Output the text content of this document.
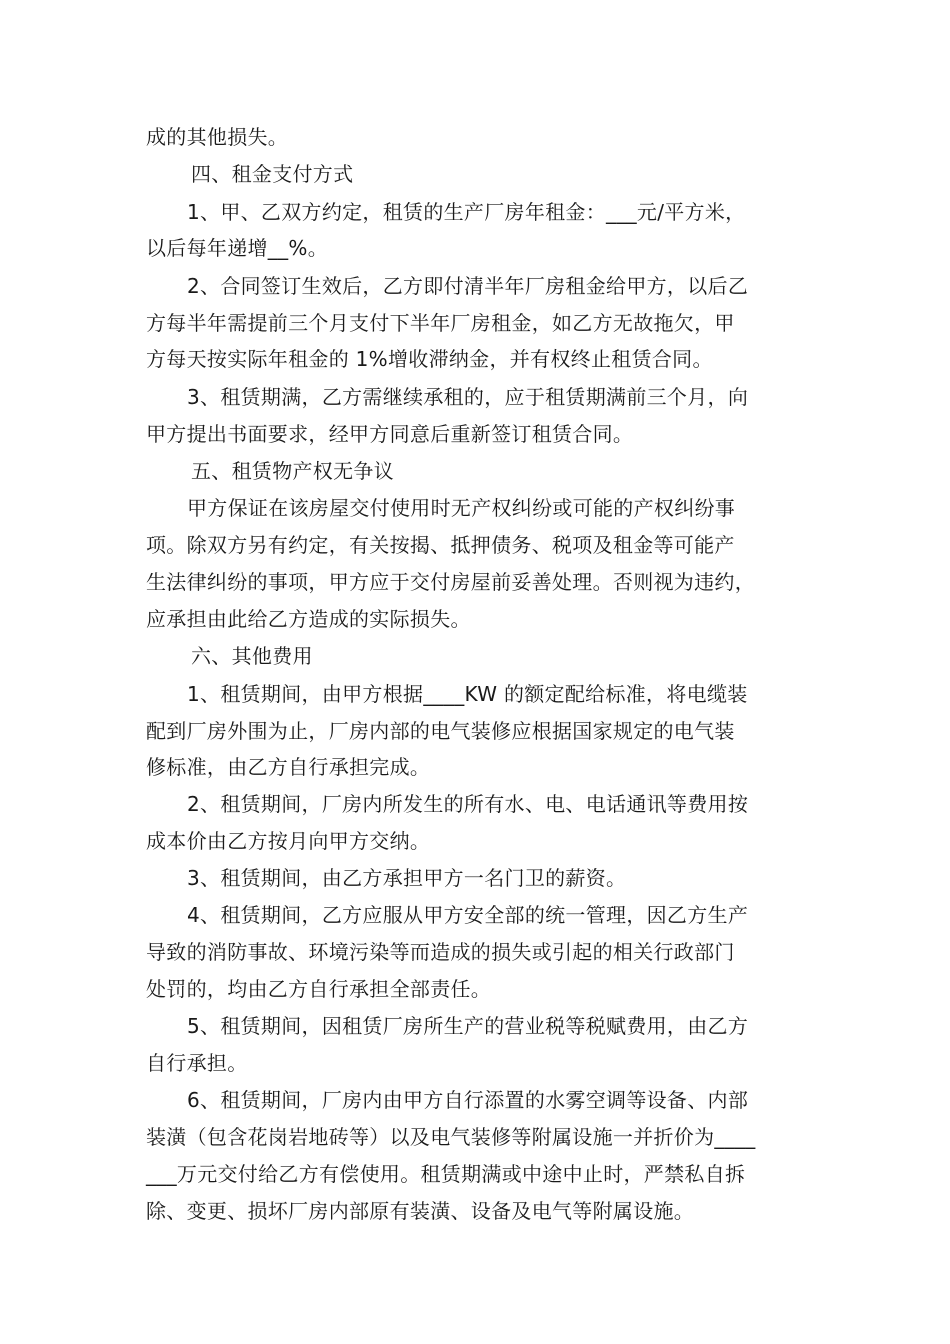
成的其他损失。
四、租金支付方式
1、甲、乙双方约定，租赁的生产厂房年租金：___元/平方米，
以后每年递增__%。
2、合同签订生效后，乙方即付清半年厂房租金给甲方，以后乙
方每半年需提前三个月支付下半年厂房租金，如乙方无故拖欠，甲
方每天按实际年租金的 1%增收滞纳金，并有权终止租赁合同。
3、租赁期满，乙方需继续承租的，应于租赁期满前三个月，向
甲方提出书面要求，经甲方同意后重新签订租赁合同。
五、租赁物产权无争议
甲方保证在该房屋交付使用时无产权纠纷或可能的产权纠纷事
项。除双方另有约定，有关按揭、抵押债务、税项及租金等可能产
生法律纠纷的事项，甲方应于交付房屋前妥善处理。否则视为违约，
应承担由此给乙方造成的实际损失。
六、其他费用
1、租赁期间，由甲方根据____KW 的额定配给标准，将电缆装
配到厂房外围为止，厂房内部的电气装修应根据国家规定的电气装
修标准，由乙方自行承担完成。
2、租赁期间，厂房内所发生的所有水、电、电话通讯等费用按
成本价由乙方按月向甲方交纳。
3、租赁期间，由乙方承担甲方一名门卫的薪资。
4、租赁期间，乙方应服从甲方安全部的统一管理，因乙方生产
导致的消防事故、环境污染等而造成的损失或引起的相关行政部门
处罚的，均由乙方自行承担全部责任。
5、租赁期间，因租赁厂房所生产的营业税等税赋费用，由乙方
自行承担。
6、租赁期间，厂房内由甲方自行添置的水雾空调等设备、内部
装潢（包含花岗岩地砖等）以及电气装修等附属设施一并折价为____
___万元交付给乙方有偿使用。租赁期满或中途中止时，严禁私自拆
除、变更、损坏厂房内部原有装潢、设备及电气等附属设施。
